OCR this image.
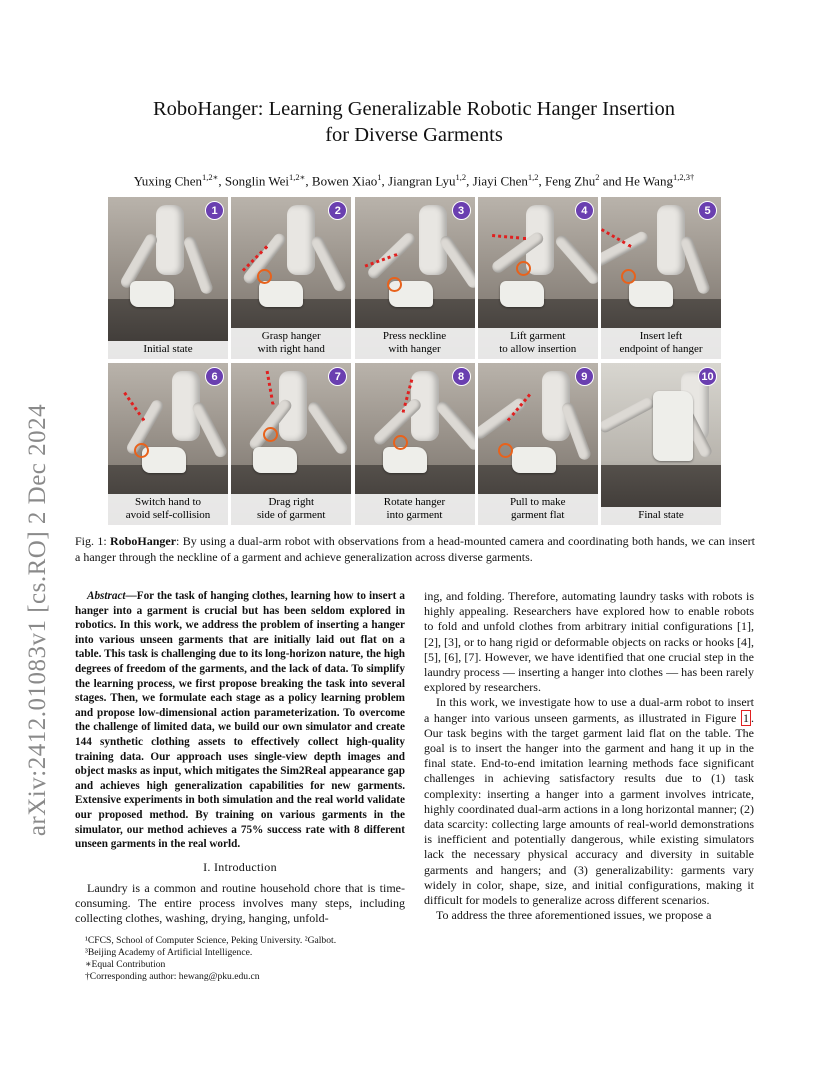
arXiv:2412.01083v1 [cs.RO] 2 Dec 2024
RoboHanger: Learning Generalizable Robotic Hanger Insertion
for Diverse Garments
Yuxing Chen$^{1,2∗}$, Songlin Wei$^{1,2∗}$, Bowen Xiao$^1$, Jiangran Lyu$^{1,2}$, Jiayi Chen$^{1,2}$, Feng Zhu$^2$ and He Wang$^{1,2,3\dagger}$
1
Initial state
2
Grasp hanger
with right hand
3
Press neckline
with hanger
4
Lift garment
to allow insertion
5
Insert left
endpoint of hanger
6
Switch hand to
avoid self-collision
7
Drag right
side of garment
8
Rotate hanger
into garment
9
Pull to make
garment flat
10
Final state
Fig. 1: RoboHanger: By using a dual-arm robot with observations from a head-mounted camera and coordinating both hands, we can insert a hanger through the neckline of a garment and achieve generalization across diverse garments.

Abstract—For the task of hanging clothes, learning how to insert a hanger into a garment is crucial but has been seldom explored in robotics. In this work, we address the problem of inserting a hanger into various unseen garments that are initially laid out flat on a table. This task is challenging due to its long-horizon nature, the high degrees of freedom of the garments, and the lack of data. To simplify the learning process, we first propose breaking the task into several stages. Then, we formulate each stage as a policy learning problem and propose low-dimensional action parameterization. To overcome the challenge of limited data, we build our own simulator and create 144 synthetic clothing assets to effectively collect high-quality training data. Our approach uses single-view depth images and object masks as input, which mitigates the Sim2Real appearance gap and achieves high generalization capabilities for new garments. Extensive experiments in both simulation and the real world validate our proposed method. By training on various garments in the simulator, our method achieves a 75% success rate with 8 different unseen garments in the real world.

I. Introduction

Laundry is a common and routine household chore that is time-consuming. The entire process involves many steps, including collecting clothes, washing, drying, hanging, unfold-

¹CFCS, School of Computer Science, Peking University. ²Galbot.
³Beijing Academy of Artificial Intelligence.
∗Equal Contribution
†Corresponding author: hewang@pku.edu.cn

ing, and folding. Therefore, automating laundry tasks with robots is highly appealing. Researchers have explored how to enable robots to fold and unfold clothes from arbitrary initial configurations [1], [2], [3], or to hang rigid or deformable objects on racks or hooks [4], [5], [6], [7]. However, we have identified that one crucial step in the laundry process — inserting a hanger into clothes — has been rarely explored by researchers.

In this work, we investigate how to use a dual-arm robot to insert a hanger into various unseen garments, as illustrated in Figure 1 . Our task begins with the target garment laid flat on the table. The goal is to insert the hanger into the garment and hang it up in the final state. End-to-end imitation learning methods face significant challenges in achieving satisfactory results due to (1) task complexity: inserting a hanger into a garment involves intricate, highly coordinated dual-arm actions in a long horizontal manner; (2) data scarcity: collecting large amounts of real-world demonstrations is inefficient and potentially dangerous, while existing simulators lack the necessary physical accuracy and diversity in suitable garments and hangers; and (3) generalizability: garments vary widely in color, shape, size, and initial configurations, making it difficult for models to generalize across different scenarios.

To address the three aforementioned issues, we propose a
